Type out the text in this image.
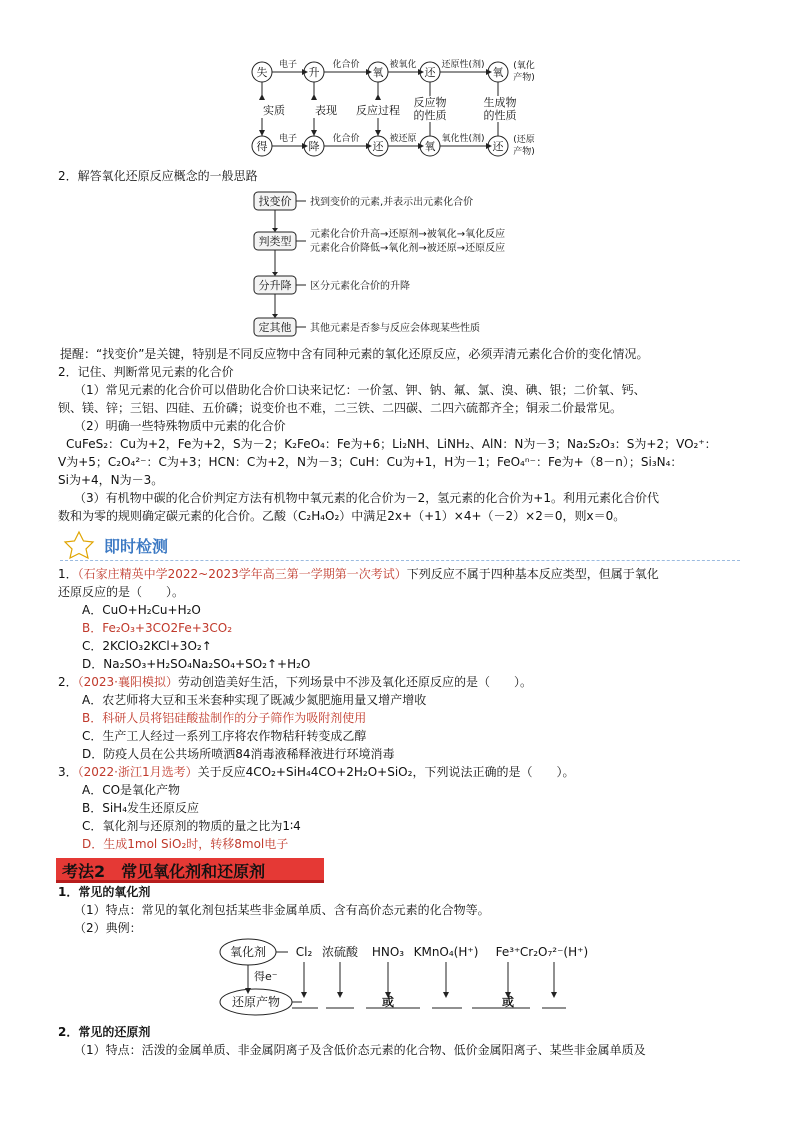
失	升	氧	还	氧
得	降	还	氧	还
电子	化合价	被氧化	还原性(剂)
电子	化合价	被还原	氧化性(剂)
(氧化
产物)
(还原
产物)
实质	表现 反应过程
反应物
的性质
生成物
的性质
2．解答氧化还原反应概念的一般思路
找变价
判类型
分升降
定其他
找到变价的元素,并表示出元素化合价
元素化合价升高→还原剂→被氧化→氧化反应
元素化合价降低→氧化剂→被还原→还原反应
区分元素化合价的升降
其他元素是否参与反应会体现某些性质
提醒：“找变价”是关键，特别是不同反应物中含有同种元素的氧化还原反应，必须弄清元素化合价的变化情况。
2．记住、判断常见元素的化合价
（1）常见元素的化合价可以借助化合价口诀来记忆：一价氢、钾、钠、氟、氯、溴、碘、银；二价氧、钙、
钡、镁、锌；三铝、四硅、五价磷；说变价也不难，二三铁、二四碳、二四六硫都齐全；铜汞二价最常见。
（2）明确一些特殊物质中元素的化合价
CuFeS₂：Cu为+2，Fe为+2，S为－2；K₂FeO₄：Fe为+6；Li₂NH、LiNH₂、AlN：N为－3；Na₂S₂O₃：S为+2；VO₂⁺：
V为+5；C₂O₄²⁻：C为+3；HCN：C为+2，N为－3；CuH：Cu为+1，H为－1；FeO₄ⁿ⁻：Fe为+（8－n）；Si₃N₄：
Si为+4，N为－3。
（3）有机物中碳的化合价判定方法有机物中氧元素的化合价为－2，氢元素的化合价为+1。利用元素化合价代
数和为零的规则确定碳元素的化合价。乙酸（C₂H₄O₂）中满足2x+（+1）×4+（－2）×2＝0，则x＝0。
即时检测
1．（石家庄精英中学2022~2023学年高三第一学期第一次考试）下列反应不属于四种基本反应类型，但属于氧化
还原反应的是（　　）。
A．CuO+H₂Cu+H₂O
B．Fe₂O₃+3CO2Fe+3CO₂
C．2KClO₃2KCl+3O₂↑
D．Na₂SO₃+H₂SO₄Na₂SO₄+SO₂↑+H₂O
2．（2023·襄阳模拟）劳动创造美好生活，下列场景中不涉及氧化还原反应的是（　　）。
A．农艺师将大豆和玉米套种实现了既减少氮肥施用量又增产增收
B．科研人员将铝硅酸盐制作的分子筛作为吸附剂使用
C．生产工人经过一系列工序将农作物秸秆转变成乙醇
D．防疫人员在公共场所喷洒84消毒液稀释液进行环境消毒
3．（2022·浙江1月选考）关于反应4CO₂+SiH₄4CO+2H₂O+SiO₂，下列说法正确的是（　　）。
A．CO是氧化产物
B．SiH₄发生还原反应
C．氧化剂与还原剂的物质的量之比为1∶4
D．生成1mol SiO₂时，转移8mol电子
考法2　常见氧化剂和还原剂
1．常见的氧化剂
（1）特点：常见的氧化剂包括某些非金属单质、含有高价态元素的化合物等。
（2）典例：
氧化剂
还原产物
得e⁻
Cl₂ 浓硫酸 HNO₃ KMnO₄(H⁺) Fe³⁺ Cr₂O₇²⁻(H⁺)
或	或
2．常见的还原剂
（1）特点：活泼的金属单质、非金属阴离子及含低价态元素的化合物、低价金属阳离子、某些非金属单质及
